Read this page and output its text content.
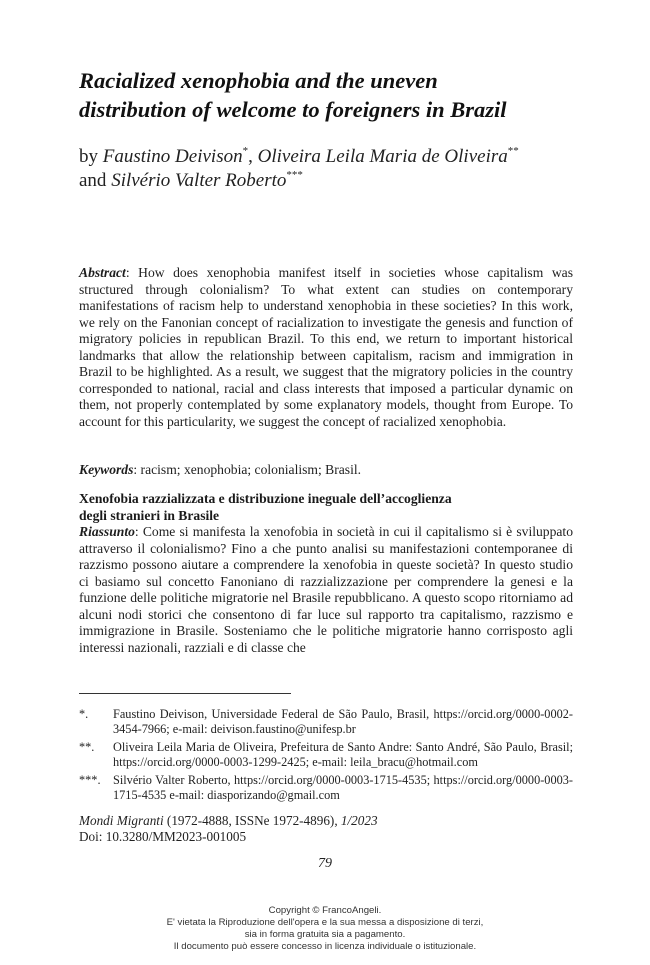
Racialized xenophobia and the uneven
distribution of welcome to foreigners in Brazil
by Faustino Deivison*, Oliveira Leila Maria de Oliveira**
and Silvério Valter Roberto***
Abstract: How does xenophobia manifest itself in societies whose capitalism was structured through colonialism? To what extent can studies on contemporary manifestations of racism help to understand xenophobia in these societies? In this work, we rely on the Fanonian concept of racialization to investigate the genesis and function of migratory policies in republican Brazil. To this end, we return to important historical landmarks that allow the relationship between capitalism, racism and immigration in Brazil to be highlighted. As a result, we suggest that the migratory policies in the country corresponded to national, racial and class interests that imposed a particular dynamic on them, not properly contemplated by some explanatory models, thought from Europe. To account for this particularity, we suggest the concept of racialized xenophobia.
Keywords: racism; xenophobia; colonialism; Brasil.
Xenofobia razzializzata e distribuzione ineguale dell’accoglienza
degli stranieri in Brasile
Riassunto: Come si manifesta la xenofobia in società in cui il capitalismo si è sviluppato attraverso il colonialismo? Fino a che punto analisi su manifestazioni contemporanee di razzismo possono aiutare a comprendere la xenofobia in queste società? In questo studio ci basiamo sul concetto Fanoniano di razzializzazione per comprendere la genesi e la funzione delle politiche migratorie nel Brasile repubblicano. A questo scopo ritorniamo ad alcuni nodi storici che consentono di far luce sul rapporto tra capitalismo, razzismo e immigrazione in Brasile. Sosteniamo che le politiche migratorie hanno corrisposto agli interessi nazionali, razziali e di classe che
*. Faustino Deivison, Universidade Federal de São Paulo, Brasil, https://orcid.org/0000-0002-3454-7966; e-mail: deivison.faustino@unifesp.br
**. Oliveira Leila Maria de Oliveira, Prefeitura de Santo Andre: Santo André, São Paulo, Brasil; https://orcid.org/0000-0003-1299-2425; e-mail: leila_bracu@hotmail.com
***. Silvério Valter Roberto, https://orcid.org/0000-0003-1715-4535; https://orcid.org/0000-0003-1715-4535 e-mail: diasporizando@gmail.com
Mondi Migranti (1972-4888, ISSNe 1972-4896), 1/2023
Doi: 10.3280/MM2023-001005
79
Copyright © FrancoAngeli.
E' vietata la Riproduzione dell'opera e la sua messa a disposizione di terzi,
sia in forma gratuita sia a pagamento.
Il documento può essere concesso in licenza individuale o istituzionale.
